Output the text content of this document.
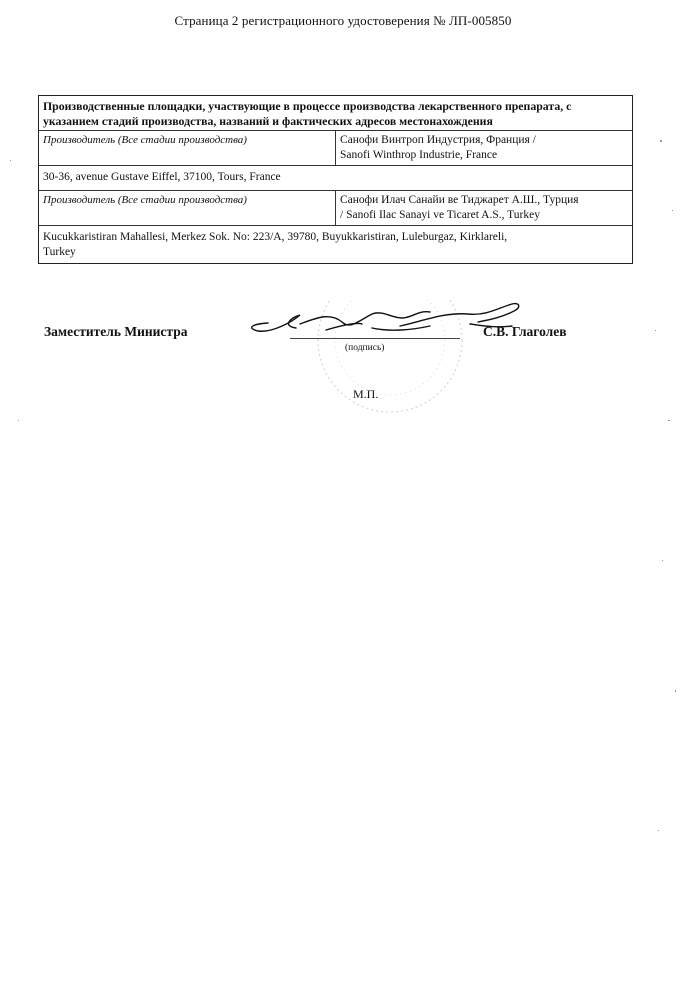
Страница 2 регистрационного удостоверения № ЛП-005850
Производственные площадки, участвующие в процессе производства лекарственного препарата, с указанием стадий производства, названий и фактических адресов местонахождения
Производитель (Все стадии производства)	Санофи Винтроп Индустрия, Франция /
Sanofi Winthrop Industrie, France
30-36, avenue Gustave Eiffel, 37100, Tours, France
Производитель (Все стадии производства)	Санофи Илач Санайи ве Тиджарет А.Ш., Турция
/ Sanofi Ilac Sanayi ve Ticaret A.S., Turkey
Kucukkaristiran Mahallesi, Merkez Sok. No: 223/A, 39780, Buyukkaristiran, Luleburgaz, Kirklareli,
Turkey
Заместитель Министра
(подпись)
С.В. Глаголев
М.П.
